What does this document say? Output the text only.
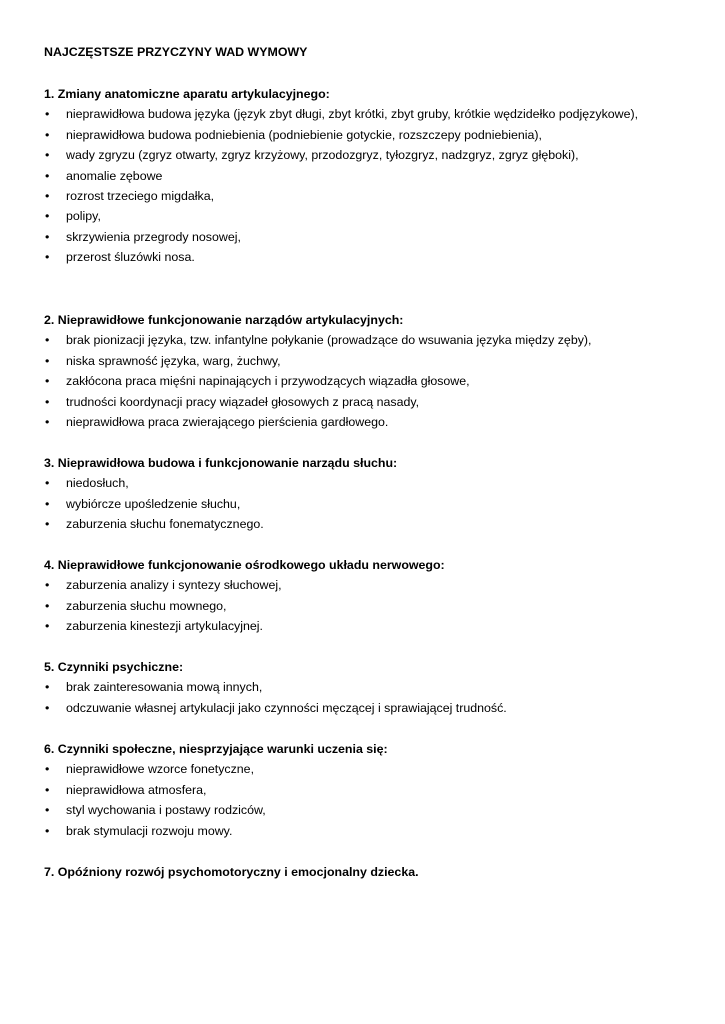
NAJCZĘSTSZE PRZYCZYNY WAD WYMOWY
1. Zmiany anatomiczne aparatu artykulacyjnego:
•	nieprawidłowa budowa języka (język zbyt długi, zbyt krótki, zbyt gruby, krótkie wędzidełko podjęzykowe),
•	nieprawidłowa budowa podniebienia (podniebienie gotyckie, rozszczepy podniebienia),
•	wady zgryzu (zgryz otwarty, zgryz krzyżowy, przodozgryz, tyłozgryz, nadzgryz, zgryz głęboki),
•	anomalie zębowe
•	rozrost trzeciego migdałka,
•	polipy,
•	skrzywienia przegrody nosowej,
•	przerost śluzówki nosa.
2. Nieprawidłowe funkcjonowanie narządów artykulacyjnych:
•	brak pionizacji języka, tzw. infantylne połykanie (prowadzące do wsuwania języka między zęby),
•	niska sprawność języka, warg, żuchwy,
•	zakłócona praca mięśni napinających i przywodzących wiązadła głosowe,
•	trudności koordynacji pracy wiązadeł głosowych z pracą nasady,
•	nieprawidłowa praca zwierającego pierścienia gardłowego.
3. Nieprawidłowa budowa i funkcjonowanie narządu słuchu:
•	niedosłuch,
•	wybiórcze upośledzenie słuchu,
•	zaburzenia słuchu fonematycznego.
4. Nieprawidłowe funkcjonowanie ośrodkowego układu nerwowego:
•	zaburzenia analizy i syntezy słuchowej,
•	zaburzenia słuchu mownego,
•	zaburzenia kinestezji artykulacyjnej.
5. Czynniki psychiczne:
•	brak zainteresowania mową innych,
•	odczuwanie własnej artykulacji jako czynności męczącej i sprawiającej trudność.
6. Czynniki społeczne, niesprzyjające warunki uczenia się:
•	nieprawidłowe wzorce fonetyczne,
•	nieprawidłowa atmosfera,
•	styl wychowania i postawy rodziców,
•	brak stymulacji rozwoju mowy.
7. Opóźniony rozwój psychomotoryczny i emocjonalny dziecka.
